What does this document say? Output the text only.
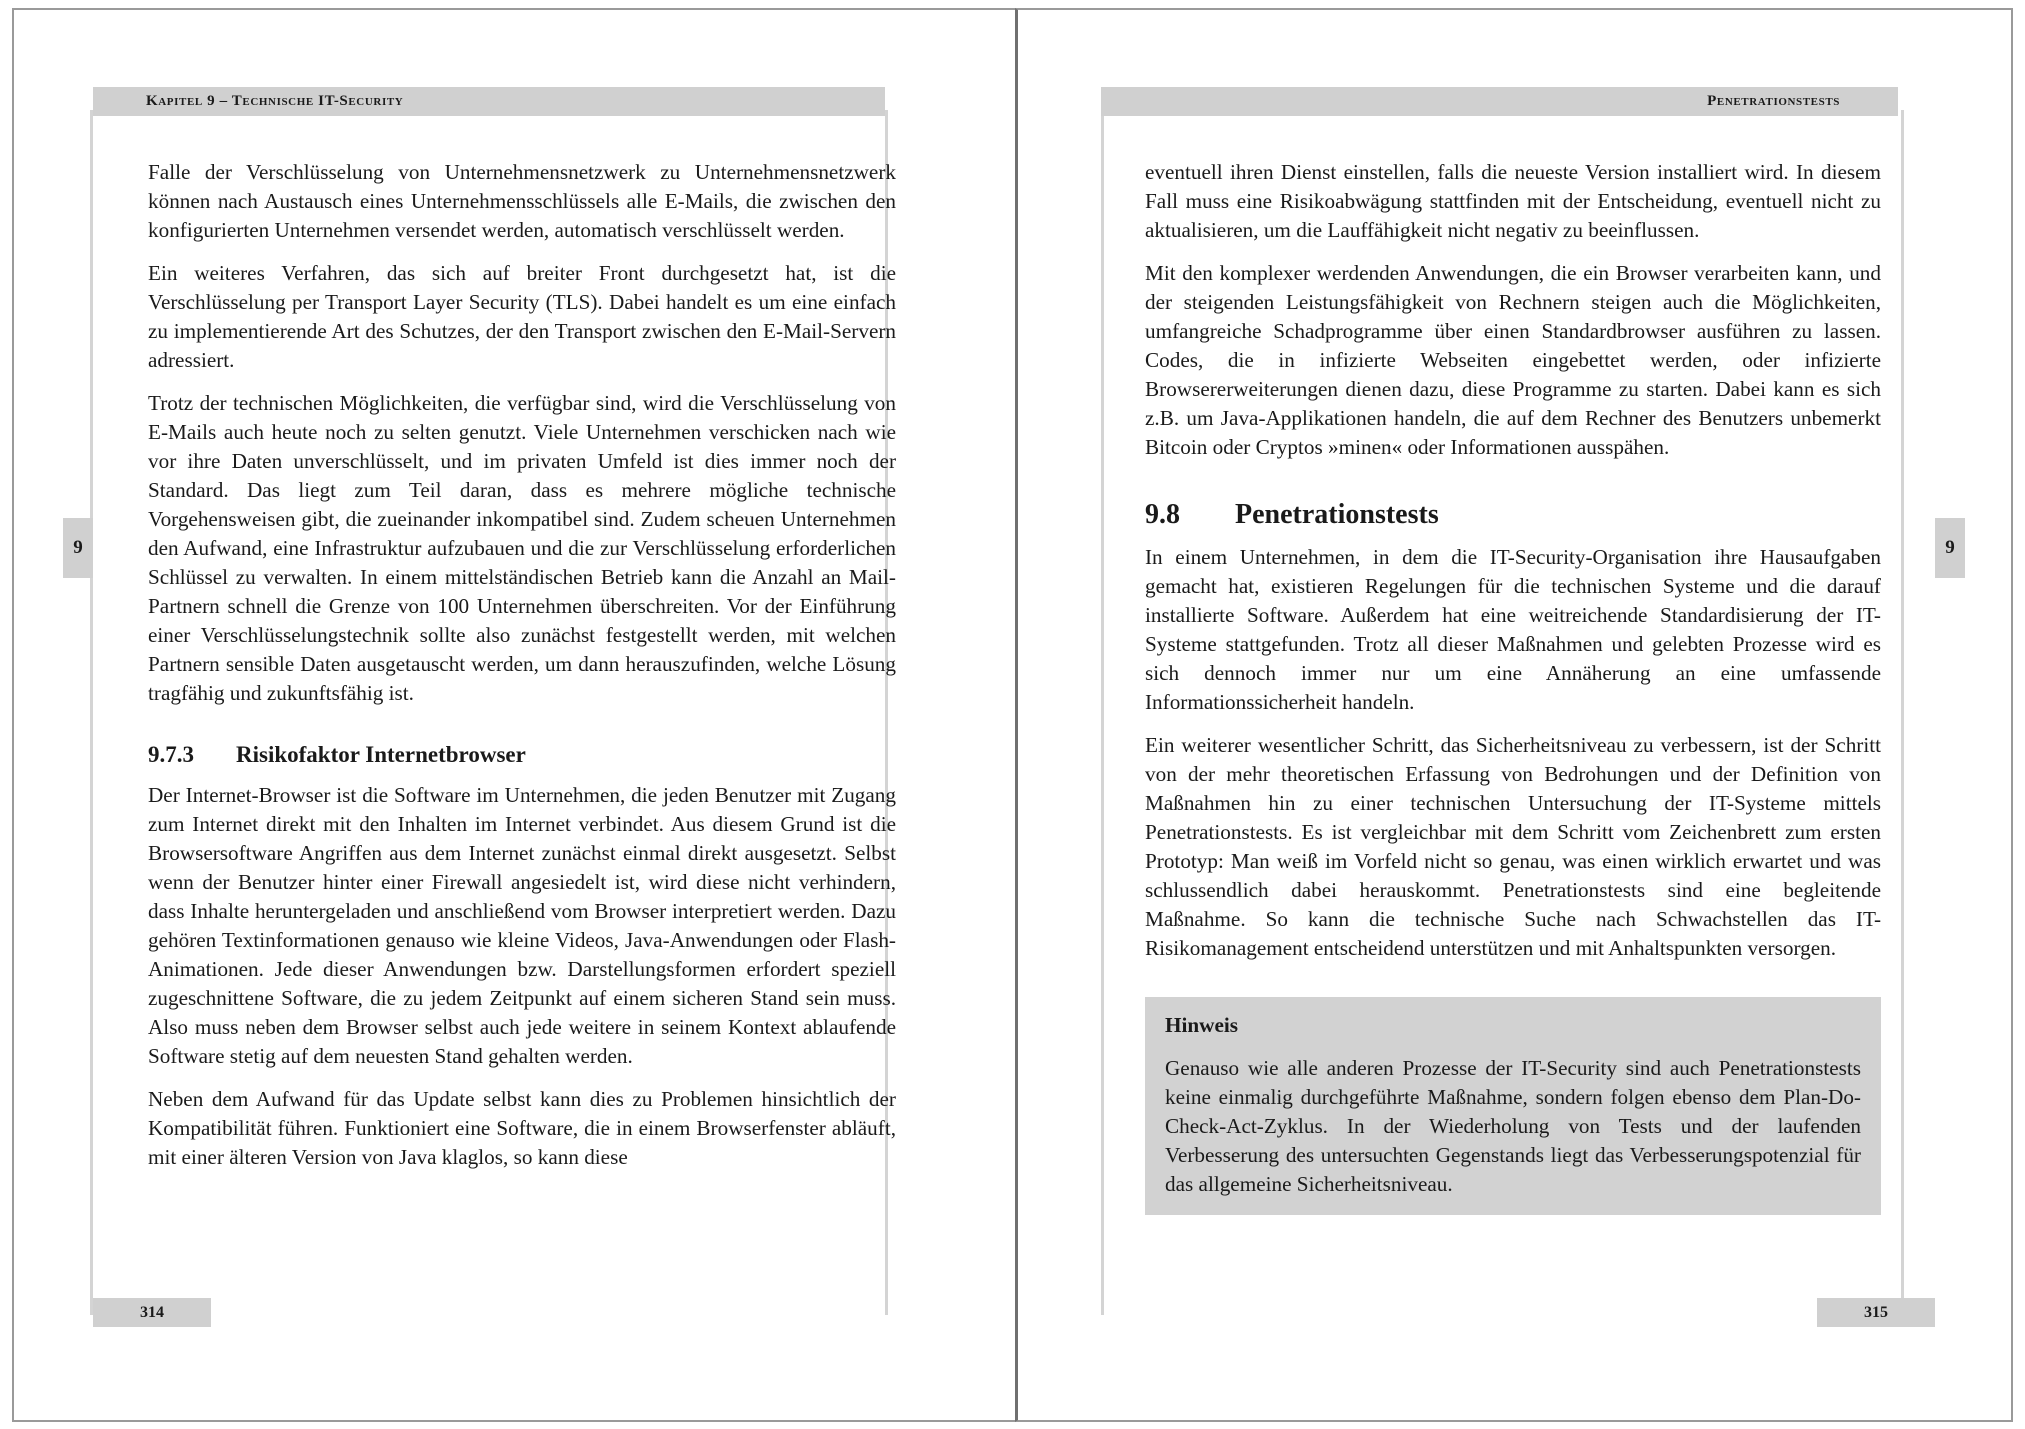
Kapitel 9 – Technische IT-Security
9

Falle der Verschlüsselung von Unternehmensnetzwerk zu Unternehmensnetzwerk können nach Austausch eines Unternehmensschlüssels alle E-Mails, die zwischen den konfigurierten Unternehmen versendet werden, automatisch verschlüsselt werden.

Ein weiteres Verfahren, das sich auf breiter Front durchgesetzt hat, ist die Verschlüsselung per Transport Layer Security (TLS). Dabei handelt es um eine einfach zu implementierende Art des Schutzes, der den Transport zwischen den E-Mail-Servern adressiert.

Trotz der technischen Möglichkeiten, die verfügbar sind, wird die Verschlüsselung von E-Mails auch heute noch zu selten genutzt. Viele Unternehmen verschicken nach wie vor ihre Daten unverschlüsselt, und im privaten Umfeld ist dies immer noch der Standard. Das liegt zum Teil daran, dass es mehrere mögliche technische Vorgehensweisen gibt, die zueinander inkompatibel sind. Zudem scheuen Unternehmen den Aufwand, eine Infrastruktur aufzubauen und die zur Verschlüsselung erforderlichen Schlüssel zu verwalten. In einem mittelständischen Betrieb kann die Anzahl an Mail-Partnern schnell die Grenze von 100 Unternehmen überschreiten. Vor der Einführung einer Verschlüsselungstechnik sollte also zunächst festgestellt werden, mit welchen Partnern sensible Daten ausgetauscht werden, um dann herauszufinden, welche Lösung tragfähig und zukunftsfähig ist.

9.7.3 Risikofaktor Internetbrowser

Der Internet-Browser ist die Software im Unternehmen, die jeden Benutzer mit Zugang zum Internet direkt mit den Inhalten im Internet verbindet. Aus diesem Grund ist die Browsersoftware Angriffen aus dem Internet zunächst einmal direkt ausgesetzt. Selbst wenn der Benutzer hinter einer Firewall angesiedelt ist, wird diese nicht verhindern, dass Inhalte heruntergeladen und anschließend vom Browser interpretiert werden. Dazu gehören Textinformationen genauso wie kleine Videos, Java-Anwendungen oder Flash-Animationen. Jede dieser Anwendungen bzw. Darstellungsformen erfordert speziell zugeschnittene Software, die zu jedem Zeitpunkt auf einem sicheren Stand sein muss. Also muss neben dem Browser selbst auch jede weitere in seinem Kontext ablaufende Software stetig auf dem neuesten Stand gehalten werden.

Neben dem Aufwand für das Update selbst kann dies zu Problemen hinsichtlich der Kompatibilität führen. Funktioniert eine Software, die in einem Browserfenster abläuft, mit einer älteren Version von Java klaglos, so kann diese

314
Penetrationstests
9

eventuell ihren Dienst einstellen, falls die neueste Version installiert wird. In diesem Fall muss eine Risikoabwägung stattfinden mit der Entscheidung, eventuell nicht zu aktualisieren, um die Lauffähigkeit nicht negativ zu beeinflussen.

Mit den komplexer werdenden Anwendungen, die ein Browser verarbeiten kann, und der steigenden Leistungsfähigkeit von Rechnern steigen auch die Möglichkeiten, umfangreiche Schadprogramme über einen Standardbrowser ausführen zu lassen. Codes, die in infizierte Webseiten eingebettet werden, oder infizierte Browsererweiterungen dienen dazu, diese Programme zu starten. Dabei kann es sich z.B. um Java-Applikationen handeln, die auf dem Rechner des Benutzers unbemerkt Bitcoin oder Cryptos »minen« oder Informationen ausspähen.

9.8 Penetrationstests

In einem Unternehmen, in dem die IT-Security-Organisation ihre Hausaufgaben gemacht hat, existieren Regelungen für die technischen Systeme und die darauf installierte Software. Außerdem hat eine weitreichende Standardisierung der IT-Systeme stattgefunden. Trotz all dieser Maßnahmen und gelebten Prozesse wird es sich dennoch immer nur um eine Annäherung an eine umfassende Informationssicherheit handeln.

Ein weiterer wesentlicher Schritt, das Sicherheitsniveau zu verbessern, ist der Schritt von der mehr theoretischen Erfassung von Bedrohungen und der Definition von Maßnahmen hin zu einer technischen Untersuchung der IT-Systeme mittels Penetrationstests. Es ist vergleichbar mit dem Schritt vom Zeichenbrett zum ersten Prototyp: Man weiß im Vorfeld nicht so genau, was einen wirklich erwartet und was schlussendlich dabei herauskommt. Penetrationstests sind eine begleitende Maßnahme. So kann die technische Suche nach Schwachstellen das IT-Risikomanagement entscheidend unterstützen und mit Anhaltspunkten versorgen.

Hinweis
Genauso wie alle anderen Prozesse der IT-Security sind auch Penetrationstests keine einmalig durchgeführte Maßnahme, sondern folgen ebenso dem Plan-Do-Check-Act-Zyklus. In der Wiederholung von Tests und der laufenden Verbesserung des untersuchten Gegenstands liegt das Verbesserungspotenzial für das allgemeine Sicherheitsniveau.
315
